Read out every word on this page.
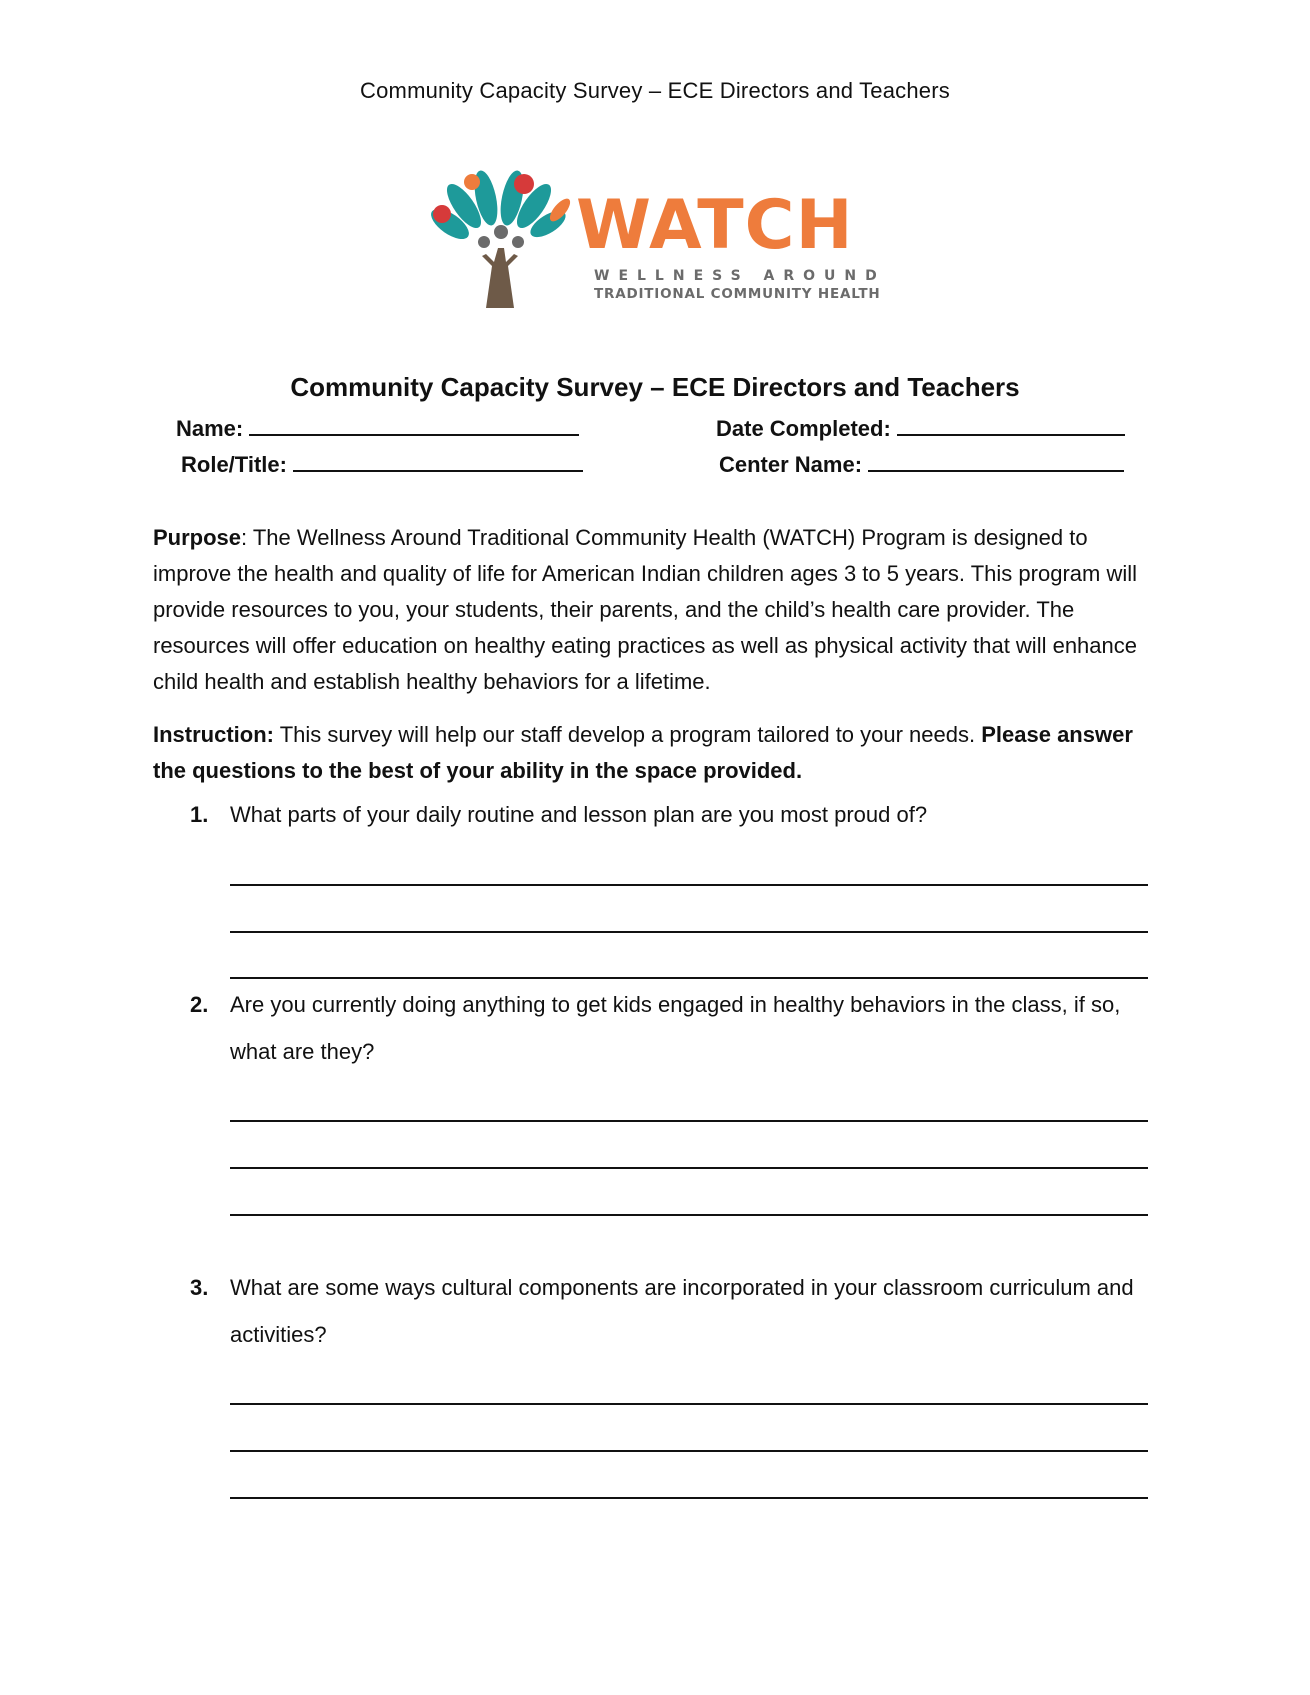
Community Capacity Survey – ECE Directors and Teachers
WATCH
WELLNESS AROUND
TRADITIONAL COMMUNITY HEALTH
Community Capacity Survey – ECE Directors and Teachers
Name:	Date Completed:
Role/Title:	Center Name:
Purpose: The Wellness Around Traditional Community Health (WATCH) Program is designed to improve the health and quality of life for American Indian children ages 3 to 5 years. This program will provide resources to you, your students, their parents, and the child’s health care provider. The resources will offer education on healthy eating practices as well as physical activity that will enhance child health and establish healthy behaviors for a lifetime.
Instruction: This survey will help our staff develop a program tailored to your needs. Please answer the questions to the best of your ability in the space provided.
1. What parts of your daily routine and lesson plan are you most proud of?
2. Are you currently doing anything to get kids engaged in healthy behaviors in the class, if so, what are they?
3. What are some ways cultural components are incorporated in your classroom curriculum and activities?
